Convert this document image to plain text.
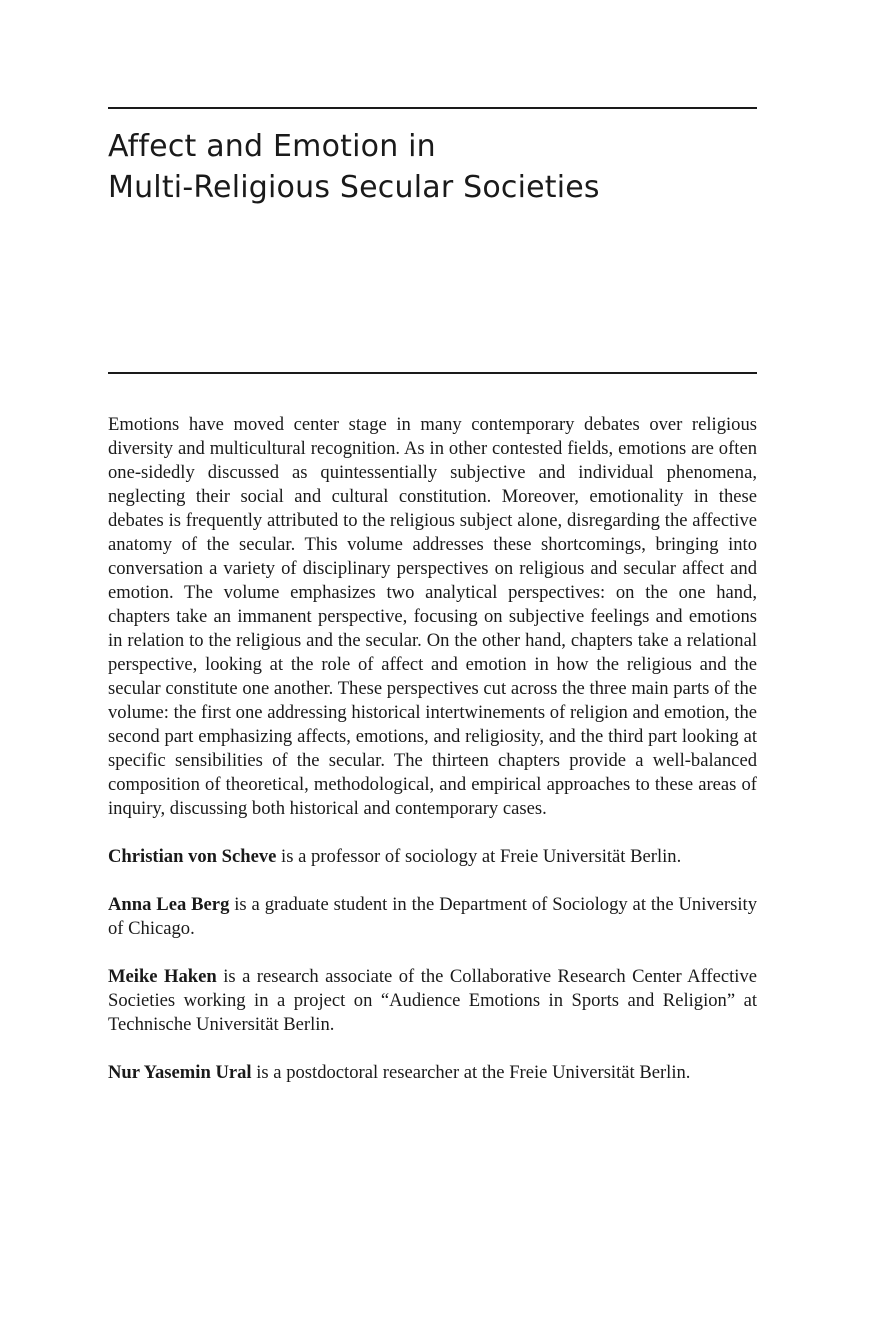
Affect and Emotion in
Multi-Religious Secular Societies

Emotions have moved center stage in many contemporary debates over religious diversity and multicultural recognition. As in other contested fields, emotions are often one-sidedly discussed as quintessentially subjective and individual phenomena, neglecting their social and cultural constitution. Moreover, emotionality in these debates is frequently attributed to the religious subject alone, disregarding the affective anatomy of the secular. This volume addresses these shortcomings, bringing into conversation a variety of disciplinary perspectives on religious and secular affect and emotion. The volume emphasizes two analytical perspectives: on the one hand, chapters take an immanent perspective, focusing on subjective feelings and emotions in relation to the religious and the secular. On the other hand, chapters take a relational perspective, looking at the role of affect and emotion in how the religious and the secular constitute one another. These perspectives cut across the three main parts of the volume: the first one addressing historical intertwinements of religion and emotion, the second part emphasizing affects, emotions, and religiosity, and the third part looking at specific sensibilities of the secular. The thirteen chapters provide a well-balanced composition of theoretical, methodological, and empirical approaches to these areas of inquiry, discussing both historical and contemporary cases.

Christian von Scheve is a professor of sociology at Freie Universität Berlin.

Anna Lea Berg is a graduate student in the Department of Sociology at the University of Chicago.

Meike Haken is a research associate of the Collaborative Research Center Affective Societies working in a project on “Audience Emotions in Sports and Religion” at Technische Universität Berlin.

Nur Yasemin Ural is a postdoctoral researcher at the Freie Universität Berlin.
